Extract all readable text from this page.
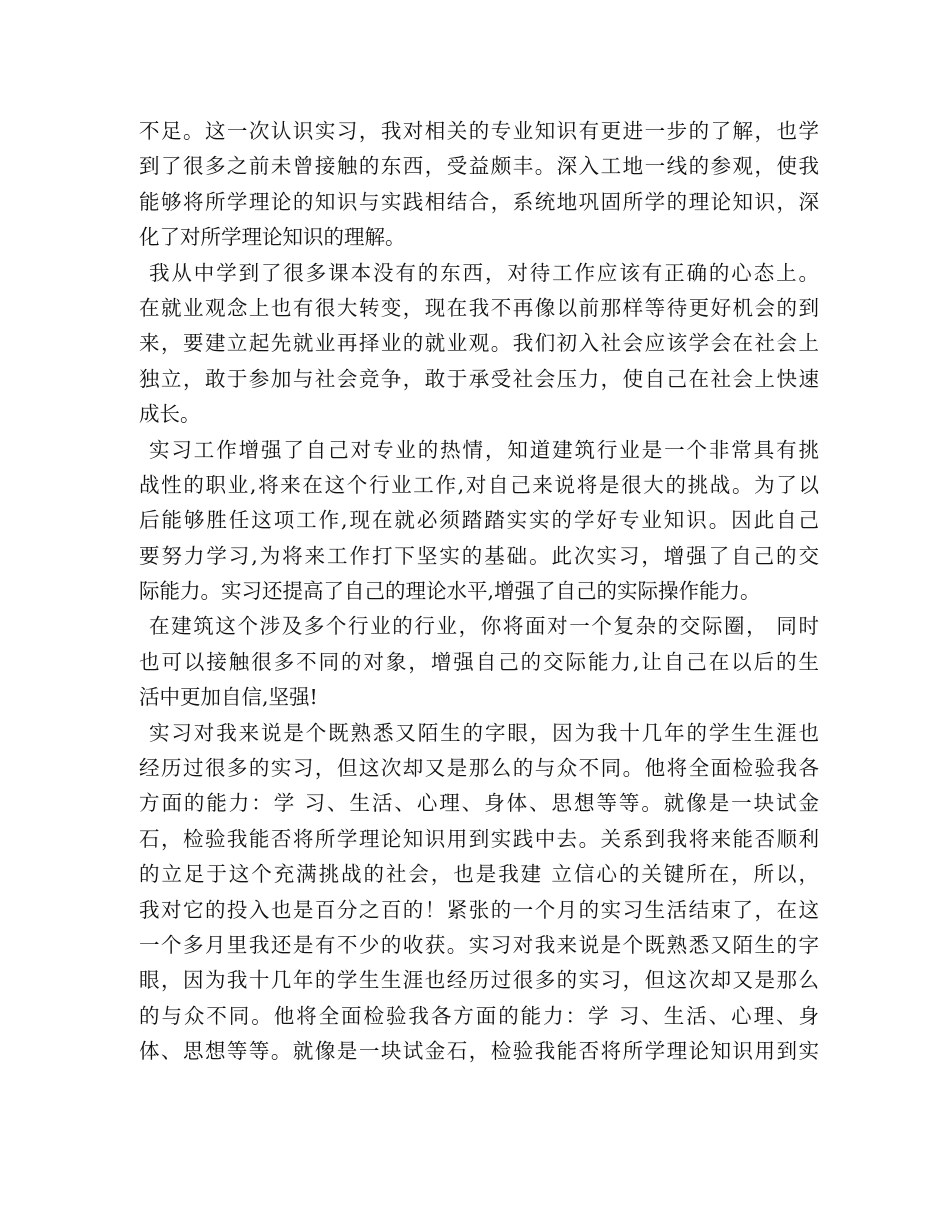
不足。这一次认识实习，我对相关的专业知识有更进一步的了解，也学
到了很多之前未曾接触的东西，受益颇丰。深入工地一线的参观，使我
能够将所学理论的知识与实践相结合，系统地巩固所学的理论知识，深
化了对所学理论知识的理解。
我从中学到了很多课本没有的东西，对待工作应该有正确的心态上。
在就业观念上也有很大转变，现在我不再像以前那样等待更好机会的到
来，要建立起先就业再择业的就业观。我们初入社会应该学会在社会上
独立，敢于参加与社会竞争，敢于承受社会压力，使自己在社会上快速
成长。
实习工作增强了自己对专业的热情，知道建筑行业是一个非常具有挑
战性的职业,将来在这个行业工作,对自己来说将是很大的挑战。为了以
后能够胜任这项工作,现在就必须踏踏实实的学好专业知识。因此自己
要努力学习,为将来工作打下坚实的基础。此次实习，增强了自己的交
际能力。实习还提高了自己的理论水平,增强了自己的实际操作能力。
在建筑这个涉及多个行业的行业，你将面对一个复杂的交际圈， 同时
也可以接触很多不同的对象，增强自己的交际能力,让自己在以后的生
活中更加自信,坚强!
实习对我来说是个既熟悉又陌生的字眼，因为我十几年的学生生涯也
经历过很多的实习，但这次却又是那么的与众不同。他将全面检验我各
方面的能力：学 习、生活、心理、身体、思想等等。就像是一块试金
石，检验我能否将所学理论知识用到实践中去。关系到我将来能否顺利
的立足于这个充满挑战的社会，也是我建 立信心的关键所在，所以，
我对它的投入也是百分之百的！紧张的一个月的实习生活结束了，在这
一个多月里我还是有不少的收获。实习对我来说是个既熟悉又陌生的字
眼，因为我十几年的学生生涯也经历过很多的实习，但这次却又是那么
的与众不同。他将全面检验我各方面的能力：学 习、生活、心理、身
体、思想等等。就像是一块试金石，检验我能否将所学理论知识用到实
